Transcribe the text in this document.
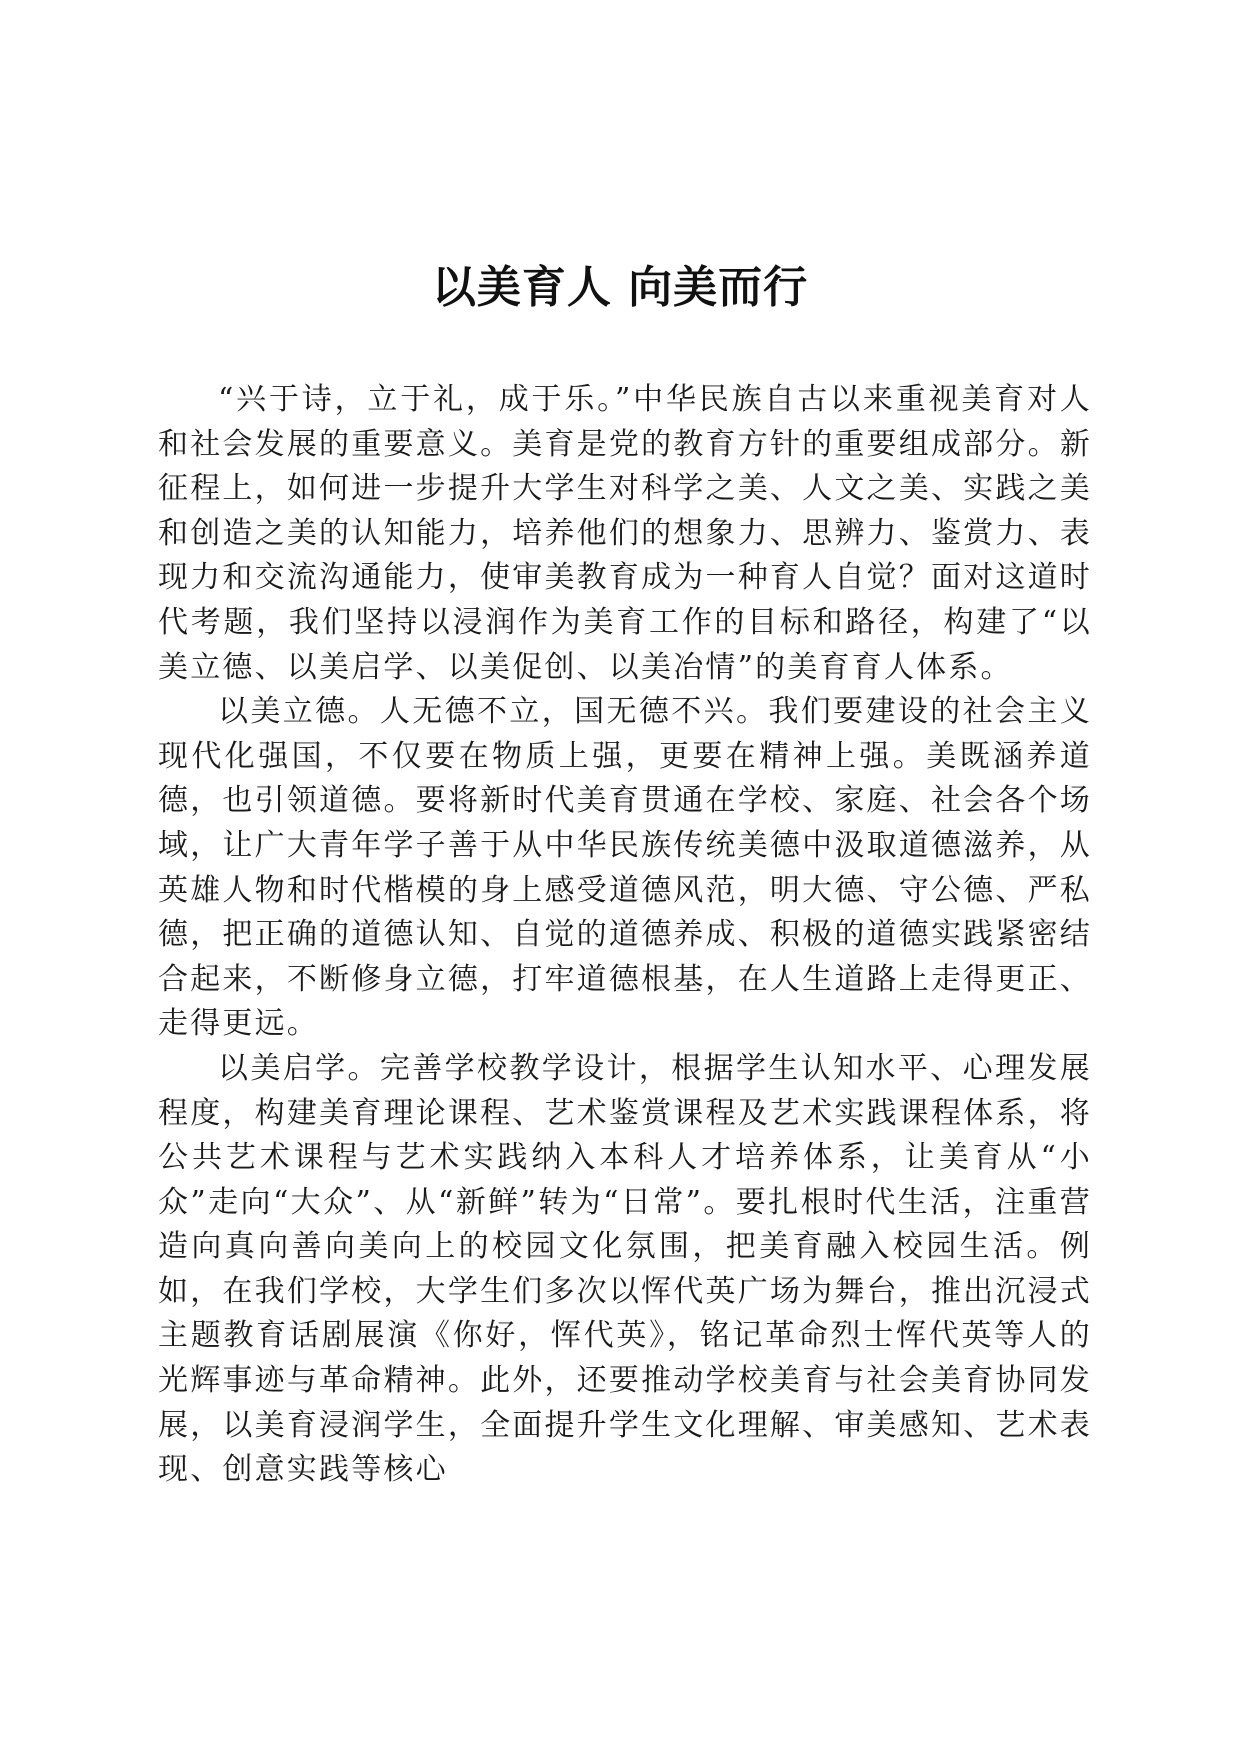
以美育人 向美而行

“兴于诗，立于礼，成于乐。”中华民族自古以来重视美育对人和社会发展的重要意义。美育是党的教育方针的重要组成部分。新征程上，如何进一步提升大学生对科学之美、人文之美、实践之美和创造之美的认知能力，培养他们的想象力、思辨力、鉴赏力、表现力和交流沟通能力，使审美教育成为一种育人自觉？面对这道时代考题，我们坚持以浸润作为美育工作的目标和路径，构建了“以美立德、以美启学、以美促创、以美冶情”的美育育人体系。

以美立德。人无德不立，国无德不兴。我们要建设的社会主义现代化强国，不仅要在物质上强，更要在精神上强。美既涵养道德，也引领道德。要将新时代美育贯通在学校、家庭、社会各个场域，让广大青年学子善于从中华民族传统美德中汲取道德滋养，从英雄人物和时代楷模的身上感受道德风范，明大德、守公德、严私德，把正确的道德认知、自觉的道德养成、积极的道德实践紧密结合起来，不断修身立德，打牢道德根基，在人生道路上走得更正、走得更远。

以美启学。完善学校教学设计，根据学生认知水平、心理发展程度，构建美育理论课程、艺术鉴赏课程及艺术实践课程体系，将公共艺术课程与艺术实践纳入本科人才培养体系，让美育从“小众”走向“大众”、从“新鲜”转为“日常”。要扎根时代生活，注重营造向真向善向美向上的校园文化氛围，把美育融入校园生活。例如，在我们学校，大学生们多次以恽代英广场为舞台，推出沉浸式主题教育话剧展演《你好，恽代英》，铭记革命烈士恽代英等人的光辉事迹与革命精神。此外，还要推动学校美育与社会美育协同发展，以美育浸润学生，全面提升学生文化理解、审美感知、艺术表现、创意实践等核心
